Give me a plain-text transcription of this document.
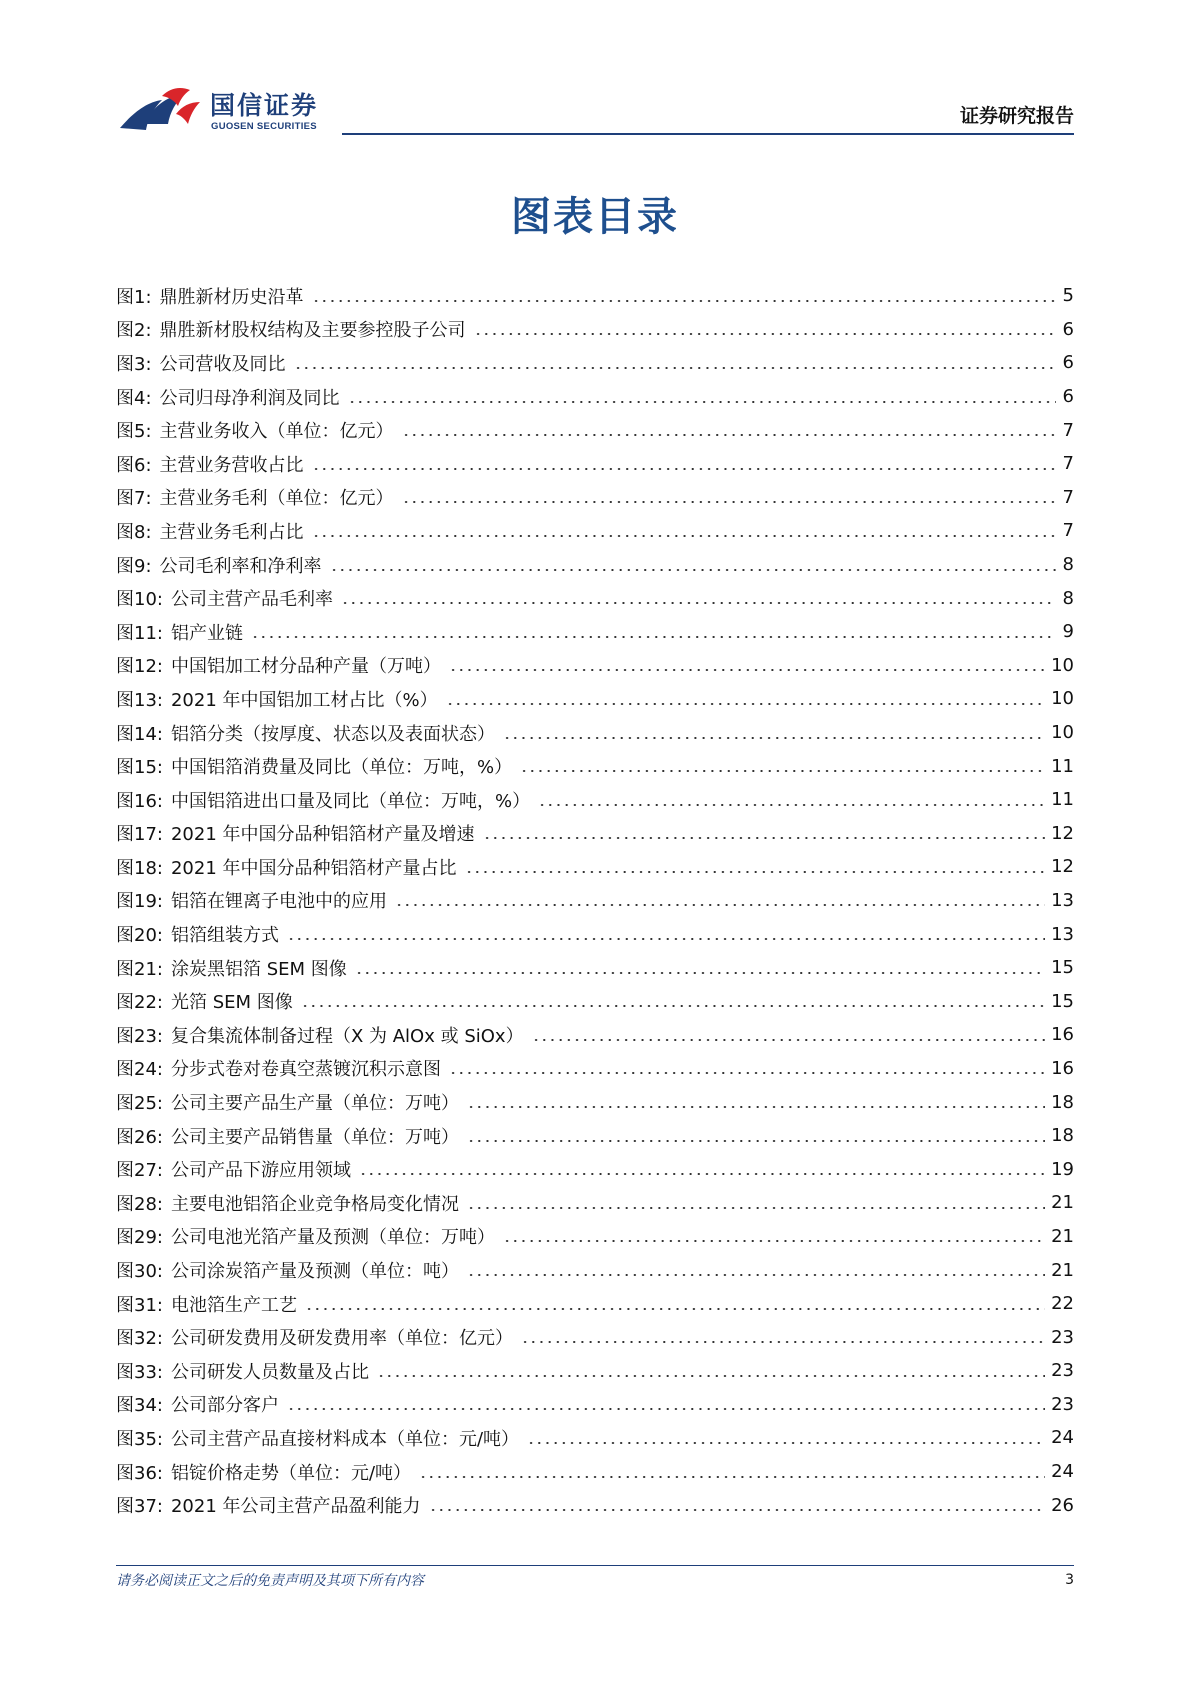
国信证券
GUOSEN SECURITIES	证券研究报告
图表目录
图1: 鼎胜新材历史沿革	5
图2: 鼎胜新材股权结构及主要参控股子公司	6
图3: 公司营收及同比	6
图4: 公司归母净利润及同比	6
图5: 主营业务收入（单位：亿元）	7
图6: 主营业务营收占比	7
图7: 主营业务毛利（单位：亿元）	7
图8: 主营业务毛利占比	7
图9: 公司毛利率和净利率	8
图10: 公司主营产品毛利率	8
图11: 铝产业链	9
图12: 中国铝加工材分品种产量（万吨）	10
图13: 2021 年中国铝加工材占比（%）	10
图14: 铝箔分类（按厚度、状态以及表面状态）	10
图15: 中国铝箔消费量及同比（单位：万吨，%）	11
图16: 中国铝箔进出口量及同比（单位：万吨，%）	11
图17: 2021 年中国分品种铝箔材产量及增速	12
图18: 2021 年中国分品种铝箔材产量占比	12
图19: 铝箔在锂离子电池中的应用	13
图20: 铝箔组装方式	13
图21: 涂炭黑铝箔 SEM 图像	15
图22: 光箔 SEM 图像	15
图23: 复合集流体制备过程（X 为 AlOx 或 SiOx）	16
图24: 分步式卷对卷真空蒸镀沉积示意图	16
图25: 公司主要产品生产量（单位：万吨）	18
图26: 公司主要产品销售量（单位：万吨）	18
图27: 公司产品下游应用领域	19
图28: 主要电池铝箔企业竞争格局变化情况	21
图29: 公司电池光箔产量及预测（单位：万吨）	21
图30: 公司涂炭箔产量及预测（单位：吨）	21
图31: 电池箔生产工艺	22
图32: 公司研发费用及研发费用率（单位：亿元）	23
图33: 公司研发人员数量及占比	23
图34: 公司部分客户	23
图35: 公司主营产品直接材料成本（单位：元/吨）	24
图36: 铝锭价格走势（单位：元/吨）	24
图37: 2021 年公司主营产品盈利能力	26
请务必阅读正文之后的免责声明及其项下所有内容	3
